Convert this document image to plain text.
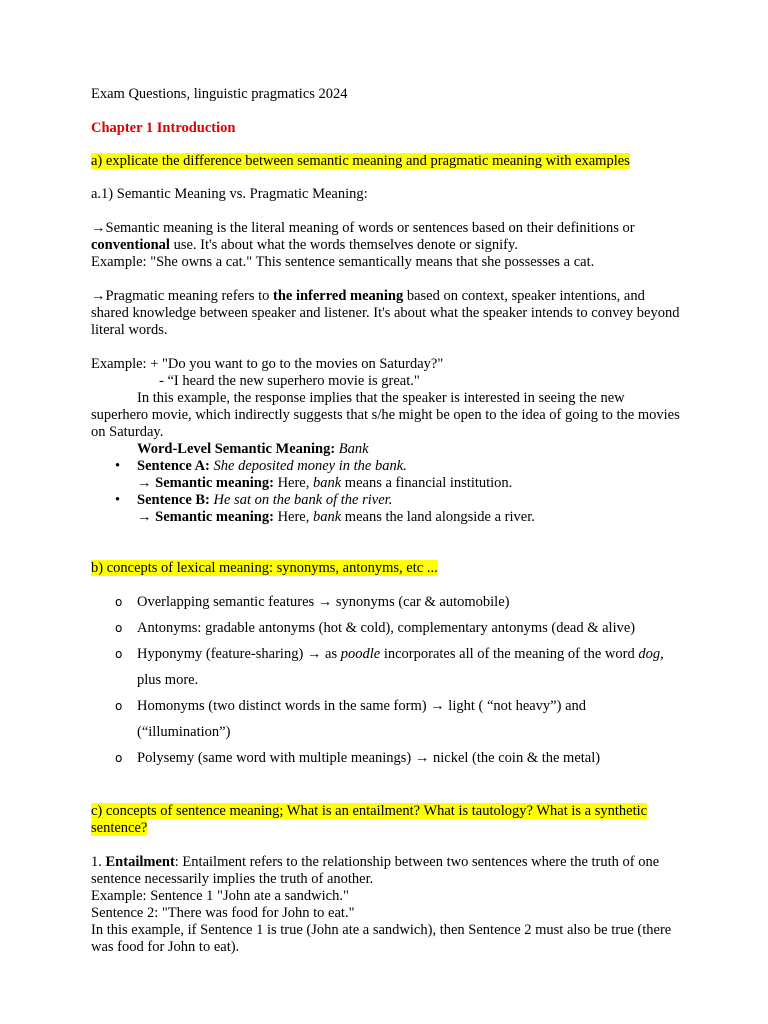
Exam Questions, linguistic pragmatics 2024

Chapter 1 Introduction

a) explicate the difference between semantic meaning and pragmatic meaning with examples

a.1) Semantic Meaning vs. Pragmatic Meaning:

→Semantic meaning is the literal meaning of words or sentences based on their definitions or conventional use. It's about what the words themselves denote or signify.

Example: "She owns a cat." This sentence semantically means that she possesses a cat.

→Pragmatic meaning refers to the inferred meaning based on context, speaker intentions, and shared knowledge between speaker and listener. It's about what the speaker intends to convey beyond literal words.

Example: + "Do you want to go to the movies on Saturday?"

- “I heard the new superhero movie is great."

In this example, the response implies that the speaker is interested in seeing the new superhero movie, which indirectly suggests that s/he might be open to the idea of going to the movies on Saturday.

Word-Level Semantic Meaning: Bank

• Sentence A: She deposited money in the bank.

→ Semantic meaning: Here, bank means a financial institution.

• Sentence B: He sat on the bank of the river.

→ Semantic meaning: Here, bank means the land alongside a river.

b) concepts of lexical meaning: synonyms, antonyms, etc ...

o Overlapping semantic features → synonyms (car & automobile)
o Antonyms: gradable antonyms (hot & cold), complementary antonyms (dead & alive)
o Hyponymy (feature-sharing) → as poodle incorporates all of the meaning of the word dog, plus more.
o Homonyms (two distinct words in the same form) → light ( “not heavy”) and (“illumination”)
o Polysemy (same word with multiple meanings) → nickel (the coin & the metal)

c) concepts of sentence meaning; What is an entailment? What is tautology? What is a synthetic sentence?

1. Entailment: Entailment refers to the relationship between two sentences where the truth of one sentence necessarily implies the truth of another.

Example: Sentence 1 "John ate a sandwich."

Sentence 2: "There was food for John to eat."

In this example, if Sentence 1 is true (John ate a sandwich), then Sentence 2 must also be true (there was food for John to eat).
